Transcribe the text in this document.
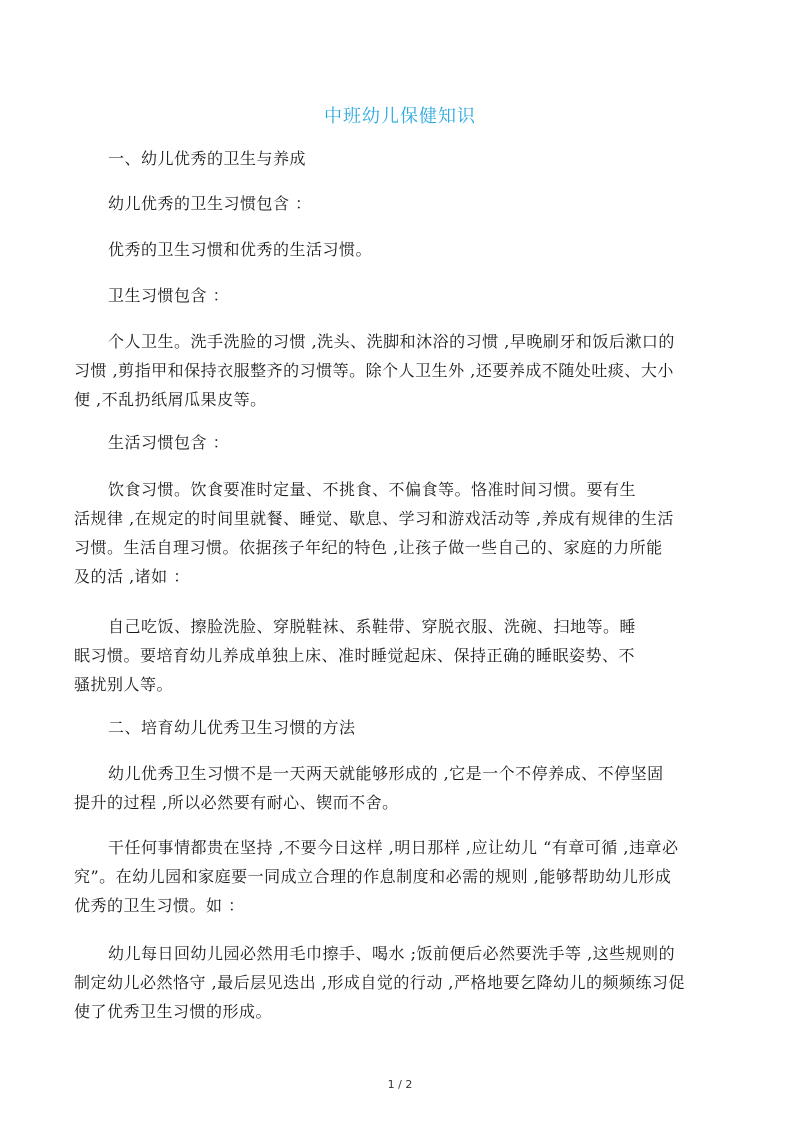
中班幼儿保健知识

一、幼儿优秀的卫生与养成

幼儿优秀的卫生习惯包含 ：

优秀的卫生习惯和优秀的生活习惯。

卫生习惯包含 ：

个人卫生。洗手洗脸的习惯 ,洗头、洗脚和沐浴的习惯 ,早晚刷牙和饭后漱口的
习惯 ,剪指甲和保持衣服整齐的习惯等。除个人卫生外 ,还要养成不随处吐痰、大小
便 ,不乱扔纸屑瓜果皮等。

生活习惯包含 ：

饮食习惯。饮食要准时定量、不挑食、不偏食等。恪准时间习惯。要有生
活规律 ,在规定的时间里就餐、睡觉、歇息、学习和游戏活动等 ,养成有规律的生活
习惯。生活自理习惯。依据孩子年纪的特色 ,让孩子做一些自己的、家庭的力所能
及的活 ,诸如 ：

自己吃饭、擦脸洗脸、穿脱鞋袜、系鞋带、穿脱衣服、洗碗、扫地等。睡
眠习惯。要培育幼儿养成单独上床、准时睡觉起床、保持正确的睡眠姿势、不
骚扰别人等。

二、培育幼儿优秀卫生习惯的方法

幼儿优秀卫生习惯不是一天两天就能够形成的 ,它是一个不停养成、不停坚固
提升的过程 ,所以必然要有耐心、锲而不舍。

干任何事情都贵在坚持 ,不要今日这样 ,明日那样 ,应让幼儿 “有章可循 ,违章必
究”。在幼儿园和家庭要一同成立合理的作息制度和必需的规则 ,能够帮助幼儿形成
优秀的卫生习惯。如 ：

幼儿每日回幼儿园必然用毛巾擦手、喝水 ;饭前便后必然要洗手等 ,这些规则的
制定幼儿必然恪守 ,最后层见迭出 ,形成自觉的行动 ,严格地要乞降幼儿的频频练习促
使了优秀卫生习惯的形成。

1 / 2
